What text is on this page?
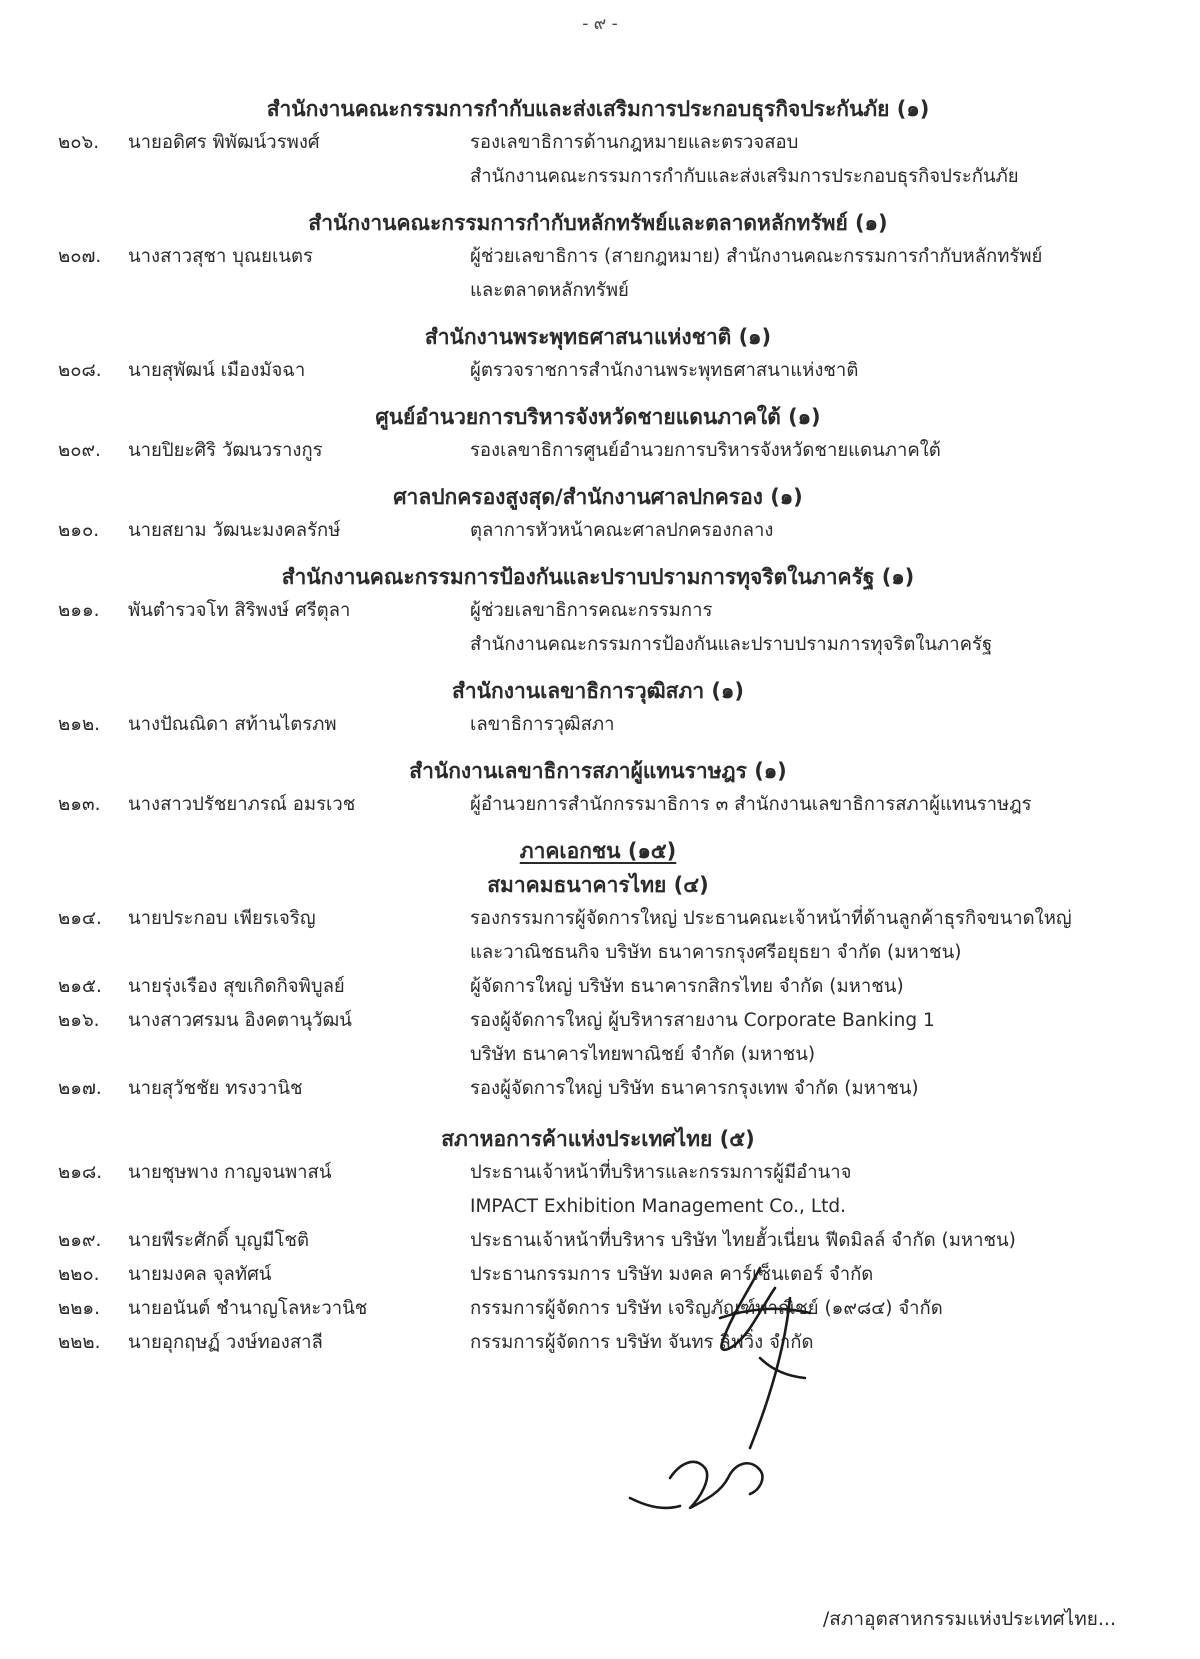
- ๙ -
สำนักงานคณะกรรมการกำกับและส่งเสริมการประกอบธุรกิจประกันภัย (๑)
๒๐๖.	นายอดิศร พิพัฒน์วรพงศ์	รองเลขาธิการด้านกฎหมายและตรวจสอบ
สำนักงานคณะกรรมการกำกับและส่งเสริมการประกอบธุรกิจประกันภัย
สำนักงานคณะกรรมการกำกับหลักทรัพย์และตลาดหลักทรัพย์ (๑)
๒๐๗.	นางสาวสุชา บุณยเนตร	ผู้ช่วยเลขาธิการ (สายกฎหมาย) สำนักงานคณะกรรมการกำกับหลักทรัพย์
และตลาดหลักทรัพย์
สำนักงานพระพุทธศาสนาแห่งชาติ (๑)
๒๐๘.	นายสุพัฒน์ เมืองมัจฉา	ผู้ตรวจราชการสำนักงานพระพุทธศาสนาแห่งชาติ
ศูนย์อำนวยการบริหารจังหวัดชายแดนภาคใต้ (๑)
๒๐๙.	นายปิยะศิริ วัฒนวรางกูร	รองเลขาธิการศูนย์อำนวยการบริหารจังหวัดชายแดนภาคใต้
ศาลปกครองสูงสุด/สำนักงานศาลปกครอง (๑)
๒๑๐.	นายสยาม วัฒนะมงคลรักษ์	ตุลาการหัวหน้าคณะศาลปกครองกลาง
สำนักงานคณะกรรมการป้องกันและปราบปรามการทุจริตในภาครัฐ (๑)
๒๑๑.	พันตำรวจโท สิริพงษ์ ศรีตุลา	ผู้ช่วยเลขาธิการคณะกรรมการ
สำนักงานคณะกรรมการป้องกันและปราบปรามการทุจริตในภาครัฐ
สำนักงานเลขาธิการวุฒิสภา (๑)
๒๑๒.	นางปัณณิดา สท้านไตรภพ	เลขาธิการวุฒิสภา
สำนักงานเลขาธิการสภาผู้แทนราษฎร (๑)
๒๑๓.	นางสาวปรัชยาภรณ์ อมรเวช	ผู้อำนวยการสำนักกรรมาธิการ ๓ สำนักงานเลขาธิการสภาผู้แทนราษฎร
ภาคเอกชน (๑๕)
สมาคมธนาคารไทย (๔)
๒๑๔.	นายประกอบ เพียรเจริญ	รองกรรมการผู้จัดการใหญ่ ประธานคณะเจ้าหน้าที่ด้านลูกค้าธุรกิจขนาดใหญ่
และวาณิชธนกิจ บริษัท ธนาคารกรุงศรีอยุธยา จำกัด (มหาชน)
๒๑๕.	นายรุ่งเรือง สุขเกิดกิจพิบูลย์	ผู้จัดการใหญ่ บริษัท ธนาคารกสิกรไทย จำกัด (มหาชน)
๒๑๖.	นางสาวศรมน อิงคตานุวัฒน์	รองผู้จัดการใหญ่ ผู้บริหารสายงาน Corporate Banking 1
บริษัท ธนาคารไทยพาณิชย์ จำกัด (มหาชน)
๒๑๗.	นายสุวัชชัย ทรงวานิช	รองผู้จัดการใหญ่ บริษัท ธนาคารกรุงเทพ จำกัด (มหาชน)
สภาหอการค้าแห่งประเทศไทย (๕)
๒๑๘.	นายชุษพาง กาญจนพาสน์	ประธานเจ้าหน้าที่บริหารและกรรมการผู้มีอำนาจ
IMPACT Exhibition Management Co., Ltd.
๒๑๙.	นายพีระศักดิ์ บุญมีโชติ	ประธานเจ้าหน้าที่บริหาร บริษัท ไทยฮั้วเนี่ยน ฟีดมิลล์ จำกัด (มหาชน)
๒๒๐.	นายมงคล จุลทัศน์	ประธานกรรมการ บริษัท มงคล คาร์เซ็นเตอร์ จำกัด
๒๒๑.	นายอนันต์ ชำนาญโลหะวานิช	กรรมการผู้จัดการ บริษัท เจริญภัณฑ์พาณิชย์ (๑๙๘๔) จำกัด
๒๒๒.	นายอุกฤษฏ์ วงษ์ทองสาลี	กรรมการผู้จัดการ บริษัท จันทร ลิฟวิ่ง จำกัด
/สภาอุตสาหกรรมแห่งประเทศไทย...
